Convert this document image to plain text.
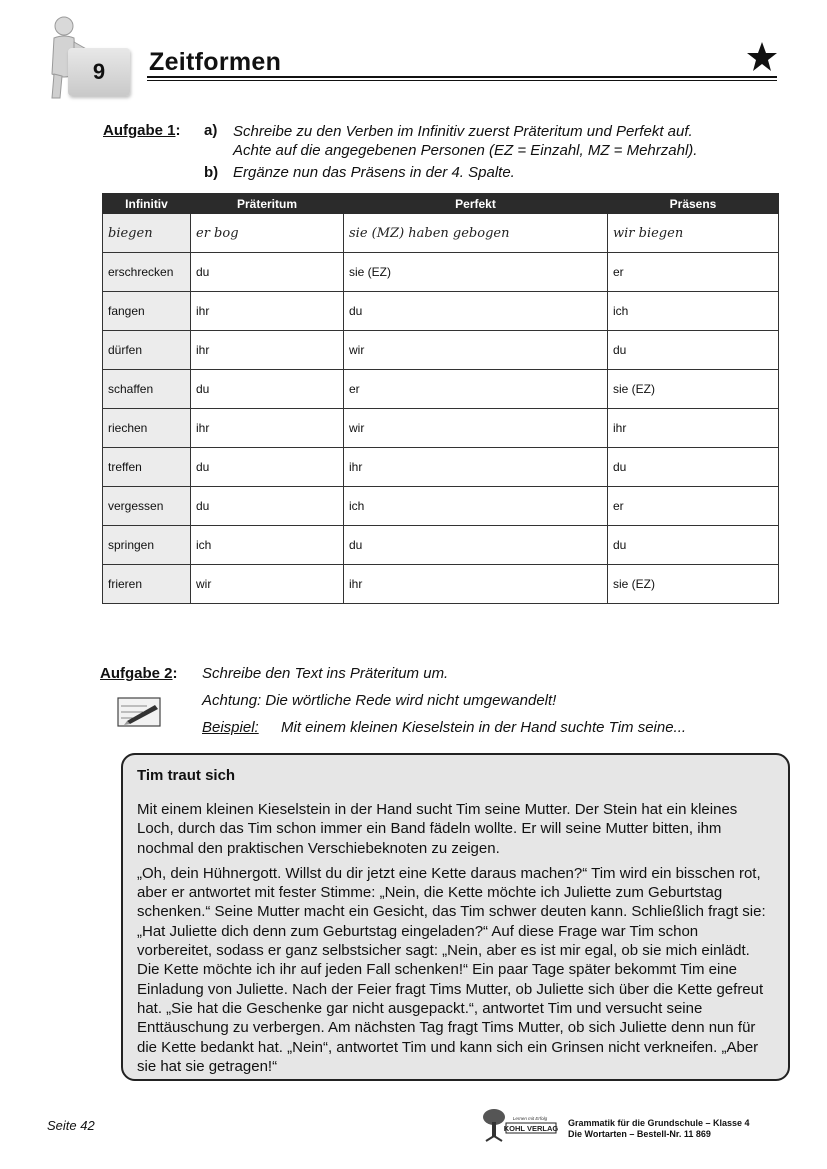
9	Zeitformen
Aufgabe 1: a) Schreibe zu den Verben im Infinitiv zuerst Präteritum und Perfekt auf.
Achte auf die angegebenen Personen (EZ = Einzahl, MZ = Mehrzahl).
b) Ergänze nun das Präsens in der 4. Spalte.
Infinitiv	Präteritum	Perfekt	Präsens
biegen	er bog	sie (MZ) haben gebogen	wir biegen
erschrecken	du	sie (EZ)	er
fangen	ihr	du	ich
dürfen	ihr	wir	du
schaffen	du	er	sie (EZ)
riechen	ihr	wir	ihr
treffen	du	ihr	du
vergessen	du	ich	er
springen	ich	du	du
frieren	wir	ihr	sie (EZ)
Aufgabe 2: Schreibe den Text ins Präteritum um.
Achtung: Die wörtliche Rede wird nicht umgewandelt!
Beispiel: Mit einem kleinen Kieselstein in der Hand suchte Tim seine...
Tim traut sich

Mit einem kleinen Kieselstein in der Hand sucht Tim seine Mutter. Der Stein hat ein kleines Loch, durch das Tim schon immer ein Band fädeln wollte. Er will seine Mutter bitten, ihm nochmal den praktischen Verschiebeknoten zu zeigen.

„Oh, dein Hühnergott. Willst du dir jetzt eine Kette daraus machen?“ Tim wird ein bisschen rot, aber er antwortet mit fester Stimme: „Nein, die Kette möchte ich Juliette zum Geburtstag schenken.“ Seine Mutter macht ein Gesicht, das Tim schwer deuten kann. Schließlich fragt sie: „Hat Juliette dich denn zum Geburtstag eingeladen?“ Auf diese Frage war Tim schon vorbereitet, sodass er ganz selbstsicher sagt: „Nein, aber es ist mir egal, ob sie mich einlädt. Die Kette möchte ich ihr auf jeden Fall schenken!“ Ein paar Tage später bekommt Tim eine Einladung von Juliette. Nach der Feier fragt Tims Mutter, ob Juliette sich über die Kette gefreut hat. „Sie hat die Geschenke gar nicht ausgepackt.“, antwortet Tim und versucht seine Enttäuschung zu verbergen. Am nächsten Tag fragt Tims Mutter, ob sich Juliette denn nun für die Kette bedankt hat. „Nein“, antwortet Tim und kann sich ein Grinsen nicht verkneifen. „Aber sie hat sie getragen!“

Seite 42	Lernen mit Erfolg
KOHL VERLAG
Grammatik für die Grundschule – Klasse 4
Die Wortarten – Bestell-Nr. 11 869
